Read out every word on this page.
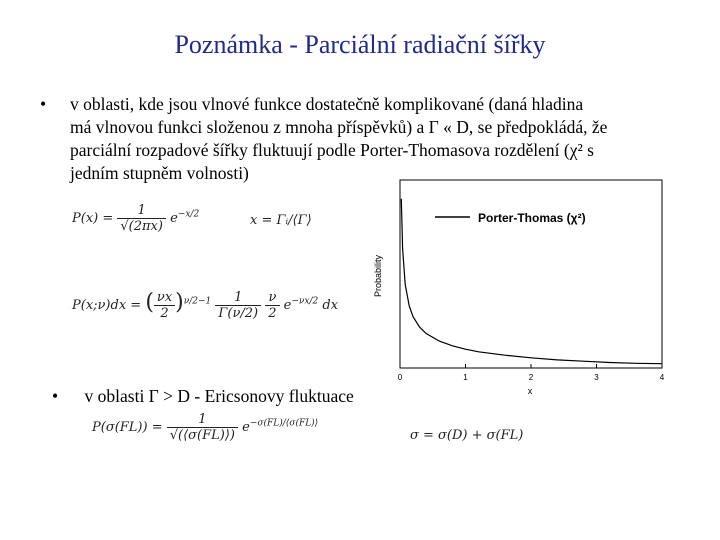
Poznámka - Parciální radiační šířky
• v oblasti, kde jsou vlnové funkce dostatečně komplikované (daná hladina
má vlnovou funkci složenou z mnoha příspěvků) a Γ « D, se předpokládá, že
parciální rozpadové šířky fluktuují podle Porter-Thomasova rozdělení (χ² s
jedním stupněm volnosti)
$P(x) = \frac{1}{√(2\pi x)} e^{-x/2}$	x = Γᵢ/⟨Γ⟩
P(x;ν)dx = ( $\frac{\nu x}{2} )^{\nu/2-1} \frac{1}{\Gamma(\nu/2)}$
$\frac{\nu}{2} e^{-\nu x/2}$ dx
0	1	2	3	4
Porter-Thomas (χ²)
Probability
x
• v oblasti Γ > D - Ericsonovy fluktuace
$P(\sigma(FL)) = \frac{1}{√(⟨\sigma(FL)⟩)} e^{-\sigma(FL)/⟨\sigma(FL)⟩}$
σ = σ(D) + σ(FL)
